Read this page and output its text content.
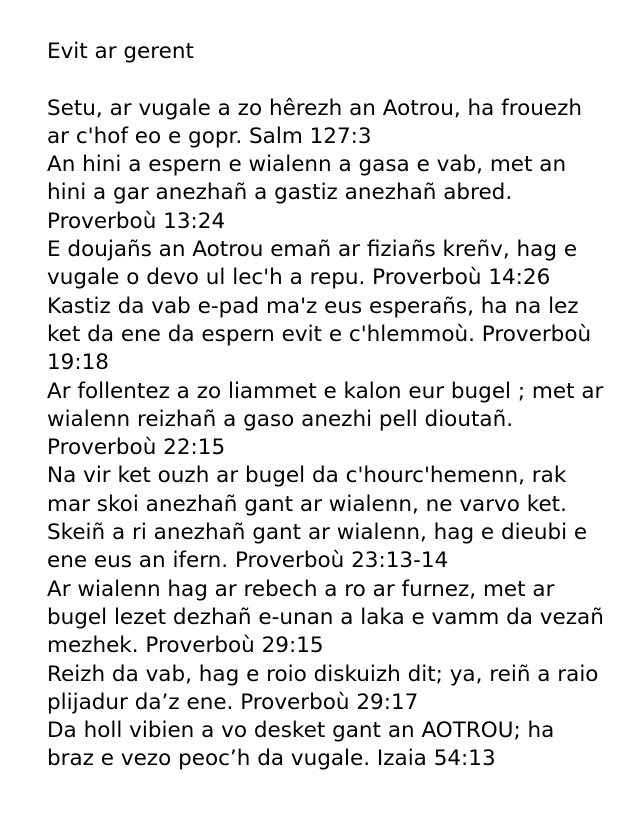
Evit ar gerent

Setu, ar vugale a zo hêrezh an Aotrou, ha frouezh ar c'hof eo e gopr. Salm 127:3

An hini a espern e wialenn a gasa e vab, met an hini a gar anezhañ a gastiz anezhañ abred. Proverboù 13:24

E doujañs an Aotrou emañ ar fiziañs kreñv, hag e vugale o devo ul lec'h a repu. Proverboù 14:26

Kastiz da vab e-pad ma'z eus esperañs, ha na lez ket da ene da espern evit e c'hlemmoù. Proverboù 19:18

Ar follentez a zo liammet e kalon eur bugel ; met ar wialenn reizhañ a gaso anezhi pell dioutañ. Proverboù 22:15

Na vir ket ouzh ar bugel da c'hourc'hemenn, rak mar skoi anezhañ gant ar wialenn, ne varvo ket. Skeiñ a ri anezhañ gant ar wialenn, hag e dieubi e ene eus an ifern. Proverboù 23:13-14

Ar wialenn hag ar rebech a ro ar furnez, met ar bugel lezet dezhañ e-unan a laka e vamm da vezañ mezhek. Proverboù 29:15

Reizh da vab, hag e roio diskuizh dit; ya, reiñ a raio plijadur da’z ene. Proverboù 29:17

Da holl vibien a vo desket gant an AOTROU; ha braz e vezo peoc’h da vugale. Izaia 54:13
